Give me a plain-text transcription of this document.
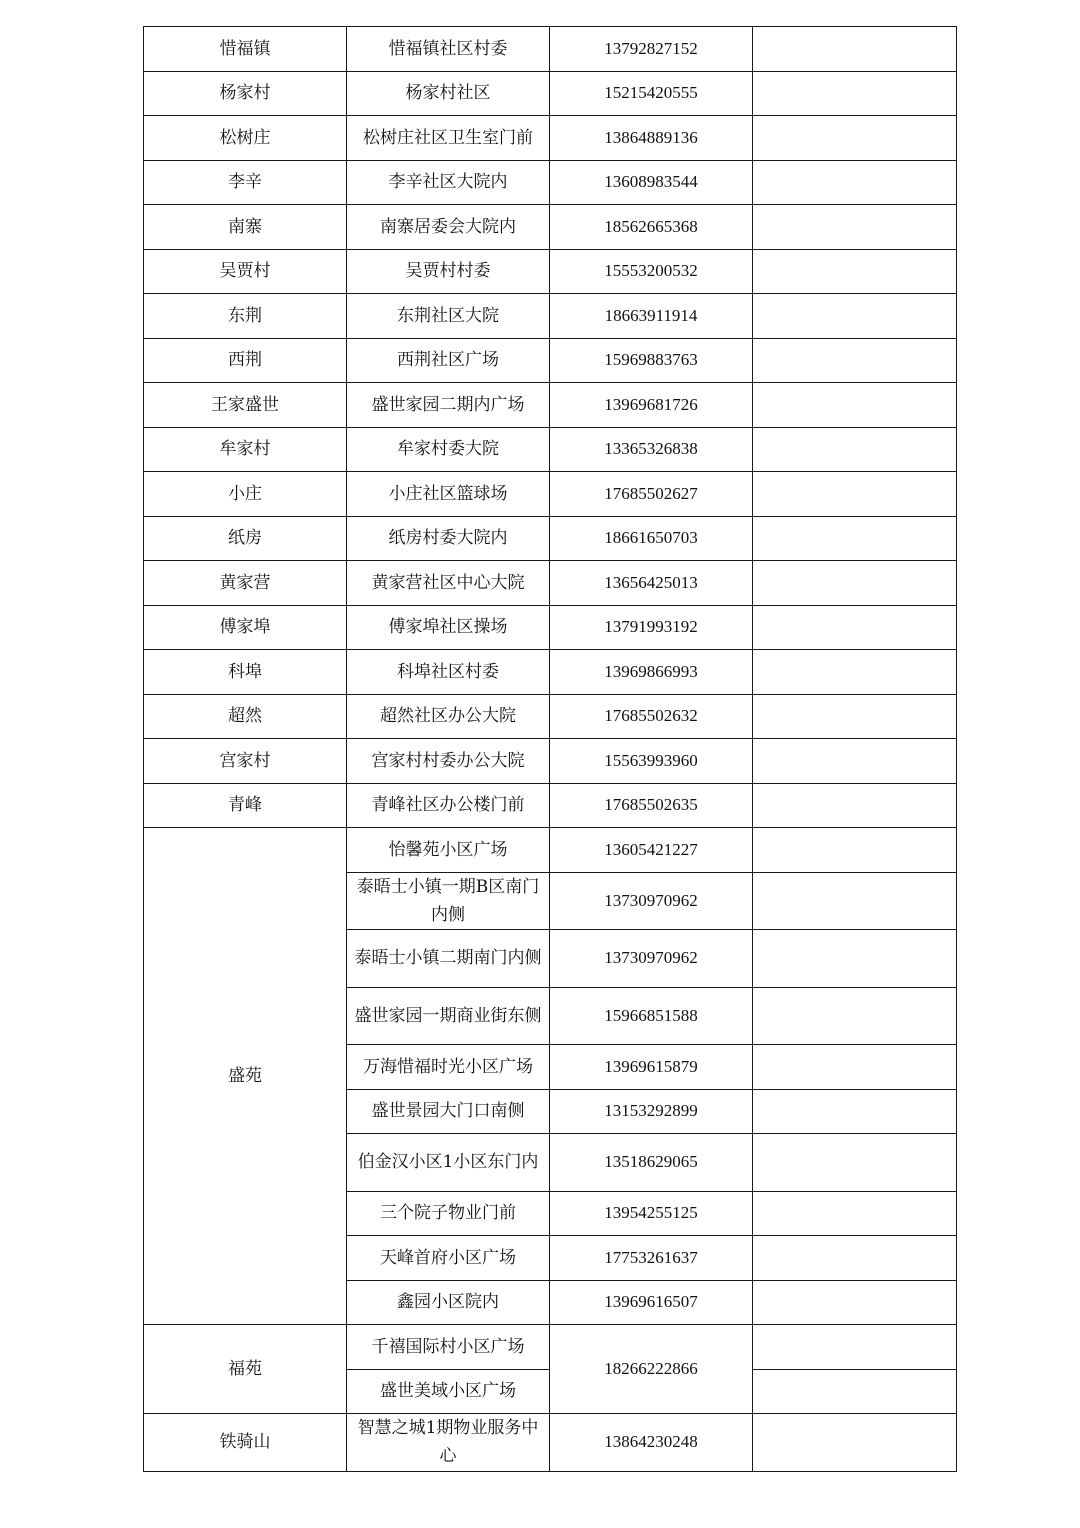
惜福镇	惜福镇社区村委	13792827152	
杨家村	杨家村社区	15215420555	
松树庄	松树庄社区卫生室门前	13864889136	
李辛	李辛社区大院内	13608983544	
南寨	南寨居委会大院内	18562665368	
吴贾村	吴贾村村委	15553200532	
东荆	东荆社区大院	18663911914	
西荆	西荆社区广场	15969883763	
王家盛世	盛世家园二期内广场	13969681726	
牟家村	牟家村委大院	13365326838	
小庄	小庄社区篮球场	17685502627	
纸房	纸房村委大院内	18661650703	
黄家营	黄家营社区中心大院	13656425013	
傅家埠	傅家埠社区操场	13791993192	
科埠	科埠社区村委	13969866993	
超然	超然社区办公大院	17685502632	
宫家村	宫家村村委办公大院	15563993960	
青峰	青峰社区办公楼门前	17685502635	
盛苑	怡馨苑小区广场	13605421227	
	泰晤士小镇一期B区南门内侧	13730970962	
	泰晤士小镇二期南门内侧	13730970962	
	盛世家园一期商业街东侧	15966851588	
	万海惜福时光小区广场	13969615879	
	盛世景园大门口南侧	13153292899	
	伯金汉小区1小区东门内	13518629065	
	三个院子物业门前	13954255125	
	天峰首府小区广场	17753261637	
	鑫园小区院内	13969616507	
福苑	千禧国际村小区广场	18266222866	
	盛世美域小区广场		
铁骑山	智慧之城1期物业服务中心	13864230248	
